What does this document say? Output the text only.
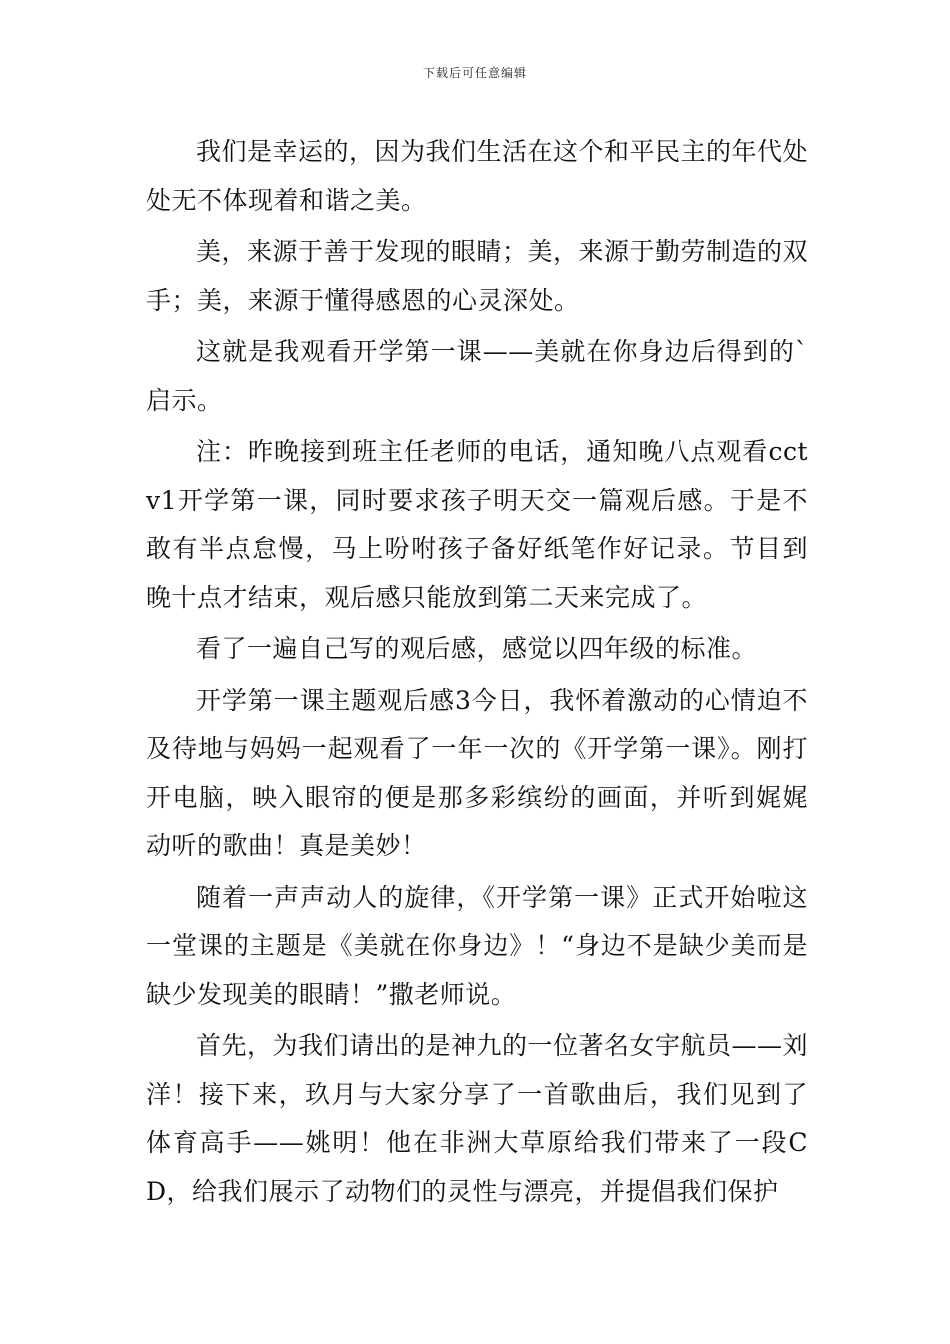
下载后可任意编辑

我们是幸运的，因为我们生活在这个和平民主的年代处处无不体现着和谐之美。

美，来源于善于发现的眼睛；美，来源于勤劳制造的双手；美，来源于懂得感恩的心灵深处。

这就是我观看开学第一课——美就在你身边后得到的`启示。

注：昨晚接到班主任老师的电话，通知晚八点观看cctv1开学第一课，同时要求孩子明天交一篇观后感。于是不敢有半点怠慢，马上吩咐孩子备好纸笔作好记录。节目到晚十点才结束，观后感只能放到第二天来完成了。

看了一遍自己写的观后感，感觉以四年级的标准。

开学第一课主题观后感3今日，我怀着激动的心情迫不及待地与妈妈一起观看了一年一次的《开学第一课》。刚打开电脑，映入眼帘的便是那多彩缤纷的画面，并听到娓娓动听的歌曲！真是美妙！

随着一声声动人的旋律，《开学第一课》正式开始啦这一堂课的主题是《美就在你身边》！“身边不是缺少美而是缺少发现美的眼睛！”撒老师说。

首先，为我们请出的是神九的一位著名女宇航员——刘洋！接下来，玖月与大家分享了一首歌曲后，我们见到了体育高手——姚明！他在非洲大草原给我们带来了一段CD，给我们展示了动物们的灵性与漂亮，并提倡我们保护
